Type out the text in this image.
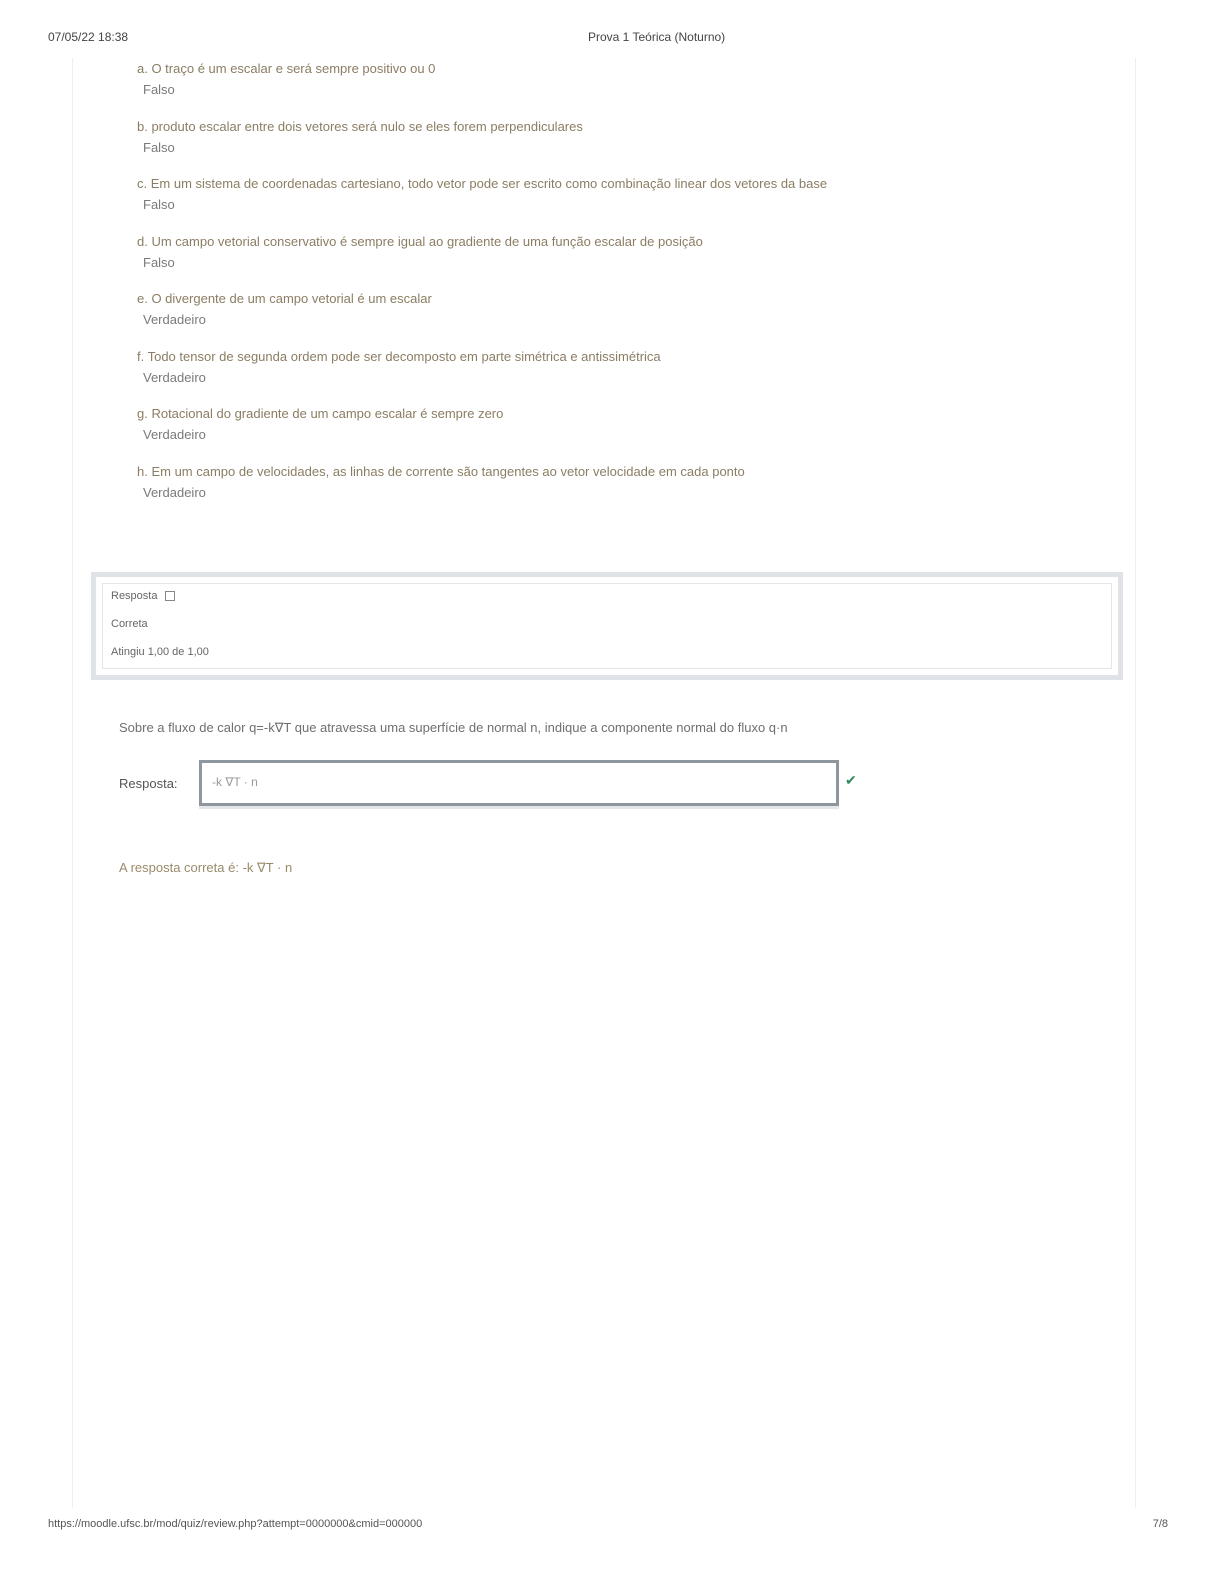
07/05/22 18:38	Prova 1 Teórica (Noturno)
a. O traço é um escalar e será sempre positivo ou 0
Falso
b. produto escalar entre dois vetores será nulo se eles forem perpendiculares
Falso
c. Em um sistema de coordenadas cartesiano, todo vetor pode ser escrito como combinação linear dos vetores da base
Falso
d. Um campo vetorial conservativo é sempre igual ao gradiente de uma função escalar de posição
Falso
e. O divergente de um campo vetorial é um escalar
Verdadeiro
f. Todo tensor de segunda ordem pode ser decomposto em parte simétrica e antissimétrica
Verdadeiro
g. Rotacional do gradiente de um campo escalar é sempre zero
Verdadeiro
h. Em um campo de velocidades, as linhas de corrente são tangentes ao vetor velocidade em cada ponto
Verdadeiro
Resposta
Correta
Atingiu 1,00 de 1,00
Sobre a fluxo de calor q=-k∇T que atravessa uma superfície de normal n, indique a componente normal do fluxo q·n
Resposta:	-k ∇T · n	✔
A resposta correta é: -k ∇T · n
https://moodle.ufsc.br/mod/quiz/review.php?attempt=0000000&cmid=000000	7/8
